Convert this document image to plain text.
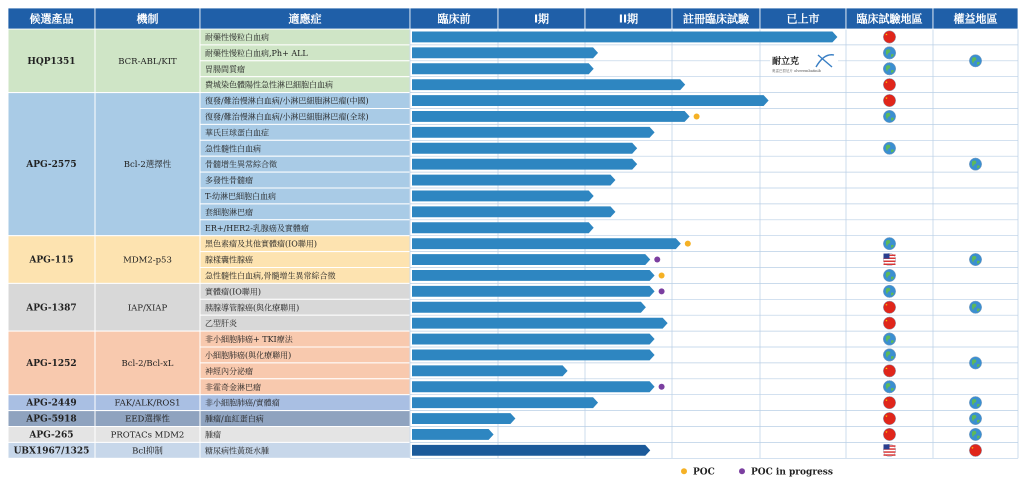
候選產品	機制	適應症	臨床前	I期	II期	註冊臨床試驗	已上市	臨床試驗地區	權益地區
HQP1351	BCR-ABL/KIT
耐藥性慢粒白血病
耐藥性慢粒白血病,Ph+ ALL
胃腸間質瘤
費城染色體陽性急性淋巴細胞白血病
耐立克
奧雷巴替尼片 olverembatinib
APG-2575	Bcl-2選擇性
復發/難治慢淋白血病/小淋巴細胞淋巴瘤(中國)
復發/難治慢淋白血病/小淋巴細胞淋巴瘤(全球)
華氏巨球蛋白血症
急性髓性白血病
骨髓增生異常綜合徵
多發性骨髓瘤
T-幼淋巴細胞白血病
套細胞淋巴瘤
ER+/HER2-乳腺癌及實體瘤
APG-115	MDM2-p53
黑色素瘤及其他實體瘤(IO聯用)
腺樣囊性腺癌
急性髓性白血病,骨髓增生異常綜合徵
APG-1387	IAP/XIAP
實體瘤(IO聯用)
胰腺導管腺癌(與化療聯用)
乙型肝炎
APG-1252	Bcl-2/Bcl-xL
非小細胞肺癌+ TKI療法
小細胞肺癌(與化療聯用)
神經內分泌瘤
非霍奇金淋巴瘤
APG-2449	FAK/ALK/ROS1	非小細胞肺癌/實體瘤
APG-5918	EED選擇性	腫瘤/血紅蛋白病
APG-265	PROTACs MDM2	腫瘤
UBX1967/1325	Bcl抑制	糖尿病性黃斑水腫
POC	POC in progress
